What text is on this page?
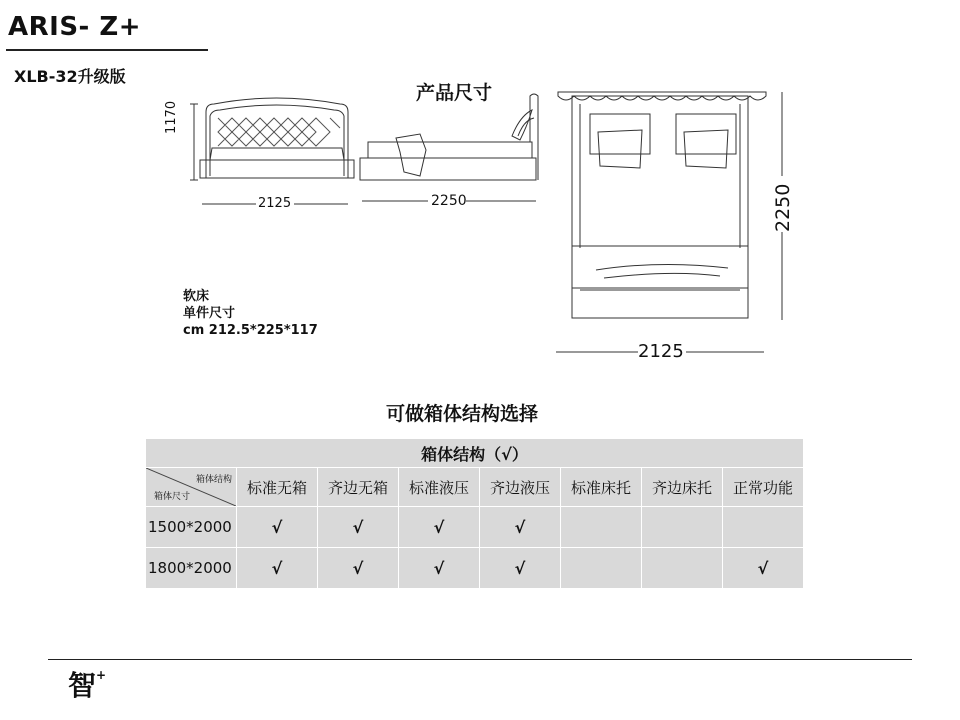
ARIS- Z+
XLB-32升级版
产品尺寸
1170
2125	2250	2250
2125
软床
单件尺寸
cm 212.5*225*117
可做箱体结构选择
箱体结构（√）							

箱体结构
箱体尺寸	标准无箱	齐边无箱	标准液压	齐边液压	标准床托	齐边床托	正常功能
1500*2000	√	√	√	√			
1800*2000	√	√	√	√			√
智+
